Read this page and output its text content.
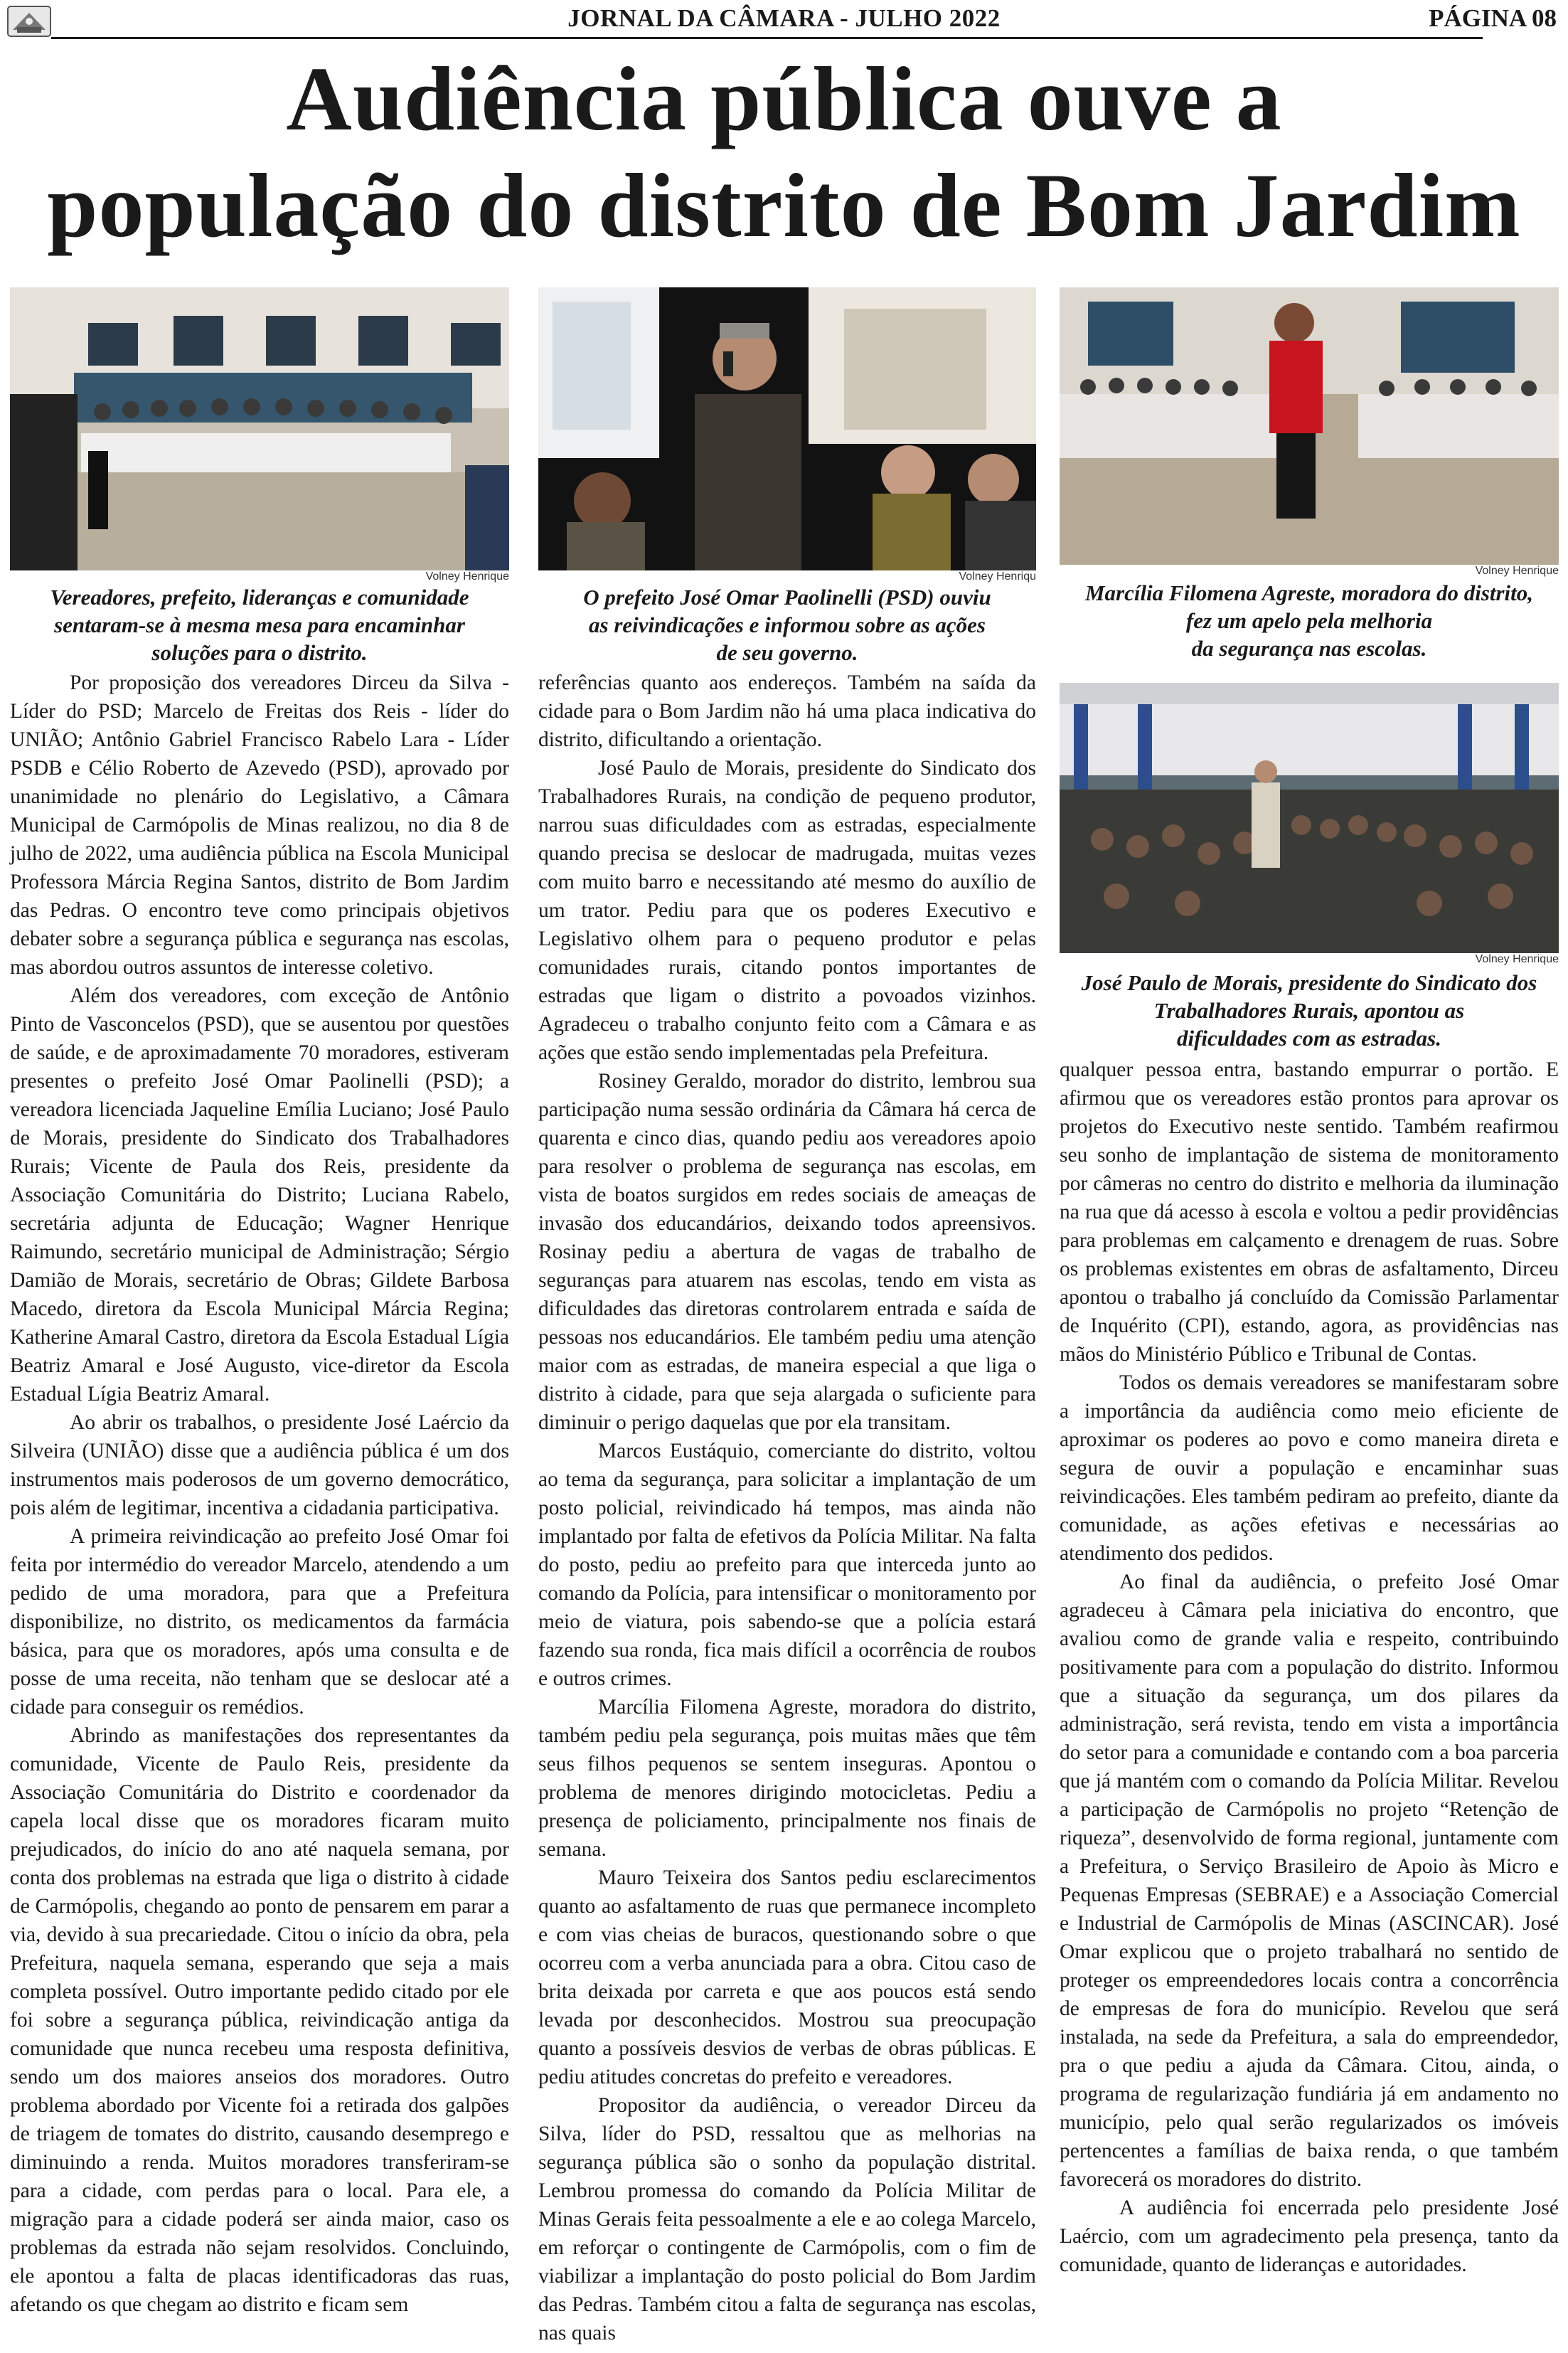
JORNAL DA CÂMARA - JULHO 2022	PÁGINA 08
Audiência pública ouve a
população do distrito de Bom Jardim
Volney Henrique
Vereadores, prefeito, lideranças e comunidade
sentaram-se à mesma mesa para encaminhar
soluções para o distrito.
Volney Henriqu
O prefeito José Omar Paolinelli (PSD) ouviu
as reivindicações e informou sobre as ações
de seu governo.
Volney Henrique
Marcília Filomena Agreste, moradora do distrito,
fez um apelo pela melhoria
da segurança nas escolas.
Volney Henrique
José Paulo de Morais, presidente do Sindicato dos
Trabalhadores Rurais, apontou as
dificuldades com as estradas.

Por proposição dos vereadores Dirceu da Silva - Líder do PSD; Marcelo de Freitas dos Reis - líder do UNIÃO; Antônio Gabriel Francisco Rabelo Lara - Líder PSDB e Célio Roberto de Azevedo (PSD), aprovado por unanimidade no plenário do Legislativo, a Câmara Municipal de Carmópolis de Minas realizou, no dia 8 de julho de 2022, uma audiência pública na Escola Municipal Professora Márcia Regina Santos, distrito de Bom Jardim das Pedras. O encontro teve como principais objetivos debater sobre a segurança pública e segurança nas escolas, mas abordou outros assuntos de interesse coletivo.

Além dos vereadores, com exceção de Antônio Pinto de Vasconcelos (PSD), que se ausentou por questões de saúde, e de aproximadamente 70 moradores, estiveram presentes o prefeito José Omar Paolinelli (PSD); a vereadora licenciada Jaqueline Emília Luciano; José Paulo de Morais, presidente do Sindicato dos Trabalhadores Rurais; Vicente de Paula dos Reis, presidente da Associação Comunitária do Distrito; Luciana Rabelo, secretária adjunta de Educação; Wagner Henrique Raimundo, secretário municipal de Administração; Sérgio Damião de Morais, secretário de Obras; Gildete Barbosa Macedo, diretora da Escola Municipal Márcia Regina; Katherine Amaral Castro, diretora da Escola Estadual Lígia Beatriz Amaral e José Augusto, vice-diretor da Escola Estadual Lígia Beatriz Amaral.

Ao abrir os trabalhos, o presidente José Laércio da Silveira (UNIÃO) disse que a audiência pública é um dos instrumentos mais poderosos de um governo democrático, pois além de legitimar, incentiva a cidadania participativa.

A primeira reivindicação ao prefeito José Omar foi feita por intermédio do vereador Marcelo, atendendo a um pedido de uma moradora, para que a Prefeitura disponibilize, no distrito, os medicamentos da farmácia básica, para que os moradores, após uma consulta e de posse de uma receita, não tenham que se deslocar até a cidade para conseguir os remédios.

Abrindo as manifestações dos representantes da comunidade, Vicente de Paulo Reis, presidente da Associação Comunitária do Distrito e coordenador da capela local disse que os moradores ficaram muito prejudicados, do início do ano até naquela semana, por conta dos problemas na estrada que liga o distrito à cidade de Carmópolis, chegando ao ponto de pensarem em parar a via, devido à sua precariedade. Citou o início da obra, pela Prefeitura, naquela semana, esperando que seja a mais completa possível. Outro importante pedido citado por ele foi sobre a segurança pública, reivindicação antiga da comunidade que nunca recebeu uma resposta definitiva, sendo um dos maiores anseios dos moradores. Outro problema abordado por Vicente foi a retirada dos galpões de triagem de tomates do distrito, causando desemprego e diminuindo a renda. Muitos moradores transferiram-se para a cidade, com perdas para o local. Para ele, a migração para a cidade poderá ser ainda maior, caso os problemas da estrada não sejam resolvidos. Concluindo, ele apontou a falta de placas identificadoras das ruas, afetando os que chegam ao distrito e ficam sem

referências quanto aos endereços. Também na saída da cidade para o Bom Jardim não há uma placa indicativa do distrito, dificultando a orientação.

José Paulo de Morais, presidente do Sindicato dos Trabalhadores Rurais, na condição de pequeno produtor, narrou suas dificuldades com as estradas, especialmente quando precisa se deslocar de madrugada, muitas vezes com muito barro e necessitando até mesmo do auxílio de um trator. Pediu para que os poderes Executivo e Legislativo olhem para o pequeno produtor e pelas comunidades rurais, citando pontos importantes de estradas que ligam o distrito a povoados vizinhos. Agradeceu o trabalho conjunto feito com a Câmara e as ações que estão sendo implementadas pela Prefeitura.

Rosiney Geraldo, morador do distrito, lembrou sua participação numa sessão ordinária da Câmara há cerca de quarenta e cinco dias, quando pediu aos vereadores apoio para resolver o problema de segurança nas escolas, em vista de boatos surgidos em redes sociais de ameaças de invasão dos educandários, deixando todos apreensivos. Rosinay pediu a abertura de vagas de trabalho de seguranças para atuarem nas escolas, tendo em vista as dificuldades das diretoras controlarem entrada e saída de pessoas nos educandários. Ele também pediu uma atenção maior com as estradas, de maneira especial a que liga o distrito à cidade, para que seja alargada o suficiente para diminuir o perigo daquelas que por ela transitam.

Marcos Eustáquio, comerciante do distrito, voltou ao tema da segurança, para solicitar a implantação de um posto policial, reivindicado há tempos, mas ainda não implantado por falta de efetivos da Polícia Militar. Na falta do posto, pediu ao prefeito para que interceda junto ao comando da Polícia, para intensificar o monitoramento por meio de viatura, pois sabendo-se que a polícia estará fazendo sua ronda, fica mais difícil a ocorrência de roubos e outros crimes.

Marcília Filomena Agreste, moradora do distrito, também pediu pela segurança, pois muitas mães que têm seus filhos pequenos se sentem inseguras. Apontou o problema de menores dirigindo motocicletas. Pediu a presença de policiamento, principalmente nos finais de semana.

Mauro Teixeira dos Santos pediu esclarecimentos quanto ao asfaltamento de ruas que permanece incompleto e com vias cheias de buracos, questionando sobre o que ocorreu com a verba anunciada para a obra. Citou caso de brita deixada por carreta e que aos poucos está sendo levada por desconhecidos. Mostrou sua preocupação quanto a possíveis desvios de verbas de obras públicas. E pediu atitudes concretas do prefeito e vereadores.

Propositor da audiência, o vereador Dirceu da Silva, líder do PSD, ressaltou que as melhorias na segurança pública são o sonho da população distrital. Lembrou promessa do comando da Polícia Militar de Minas Gerais feita pessoalmente a ele e ao colega Marcelo, em reforçar o contingente de Carmópolis, com o fim de viabilizar a implantação do posto policial do Bom Jardim das Pedras. Também citou a falta de segurança nas escolas, nas quais

qualquer pessoa entra, bastando empurrar o portão. E afirmou que os vereadores estão prontos para aprovar os projetos do Executivo neste sentido. Também reafirmou seu sonho de implantação de sistema de monitoramento por câmeras no centro do distrito e melhoria da iluminação na rua que dá acesso à escola e voltou a pedir providências para problemas em calçamento e drenagem de ruas. Sobre os problemas existentes em obras de asfaltamento, Dirceu apontou o trabalho já concluído da Comissão Parlamentar de Inquérito (CPI), estando, agora, as providências nas mãos do Ministério Público e Tribunal de Contas.

Todos os demais vereadores se manifestaram sobre a importância da audiência como meio eficiente de aproximar os poderes ao povo e como maneira direta e segura de ouvir a população e encaminhar suas reivindicações. Eles também pediram ao prefeito, diante da comunidade, as ações efetivas e necessárias ao atendimento dos pedidos.

Ao final da audiência, o prefeito José Omar agradeceu à Câmara pela iniciativa do encontro, que avaliou como de grande valia e respeito, contribuindo positivamente para com a população do distrito. Informou que a situação da segurança, um dos pilares da administração, será revista, tendo em vista a importância do setor para a comunidade e contando com a boa parceria que já mantém com o comando da Polícia Militar. Revelou a participação de Carmópolis no projeto “Retenção de riqueza”, desenvolvido de forma regional, juntamente com a Prefeitura, o Serviço Brasileiro de Apoio às Micro e Pequenas Empresas (SEBRAE) e a Associação Comercial e Industrial de Carmópolis de Minas (ASCINCAR). José Omar explicou que o projeto trabalhará no sentido de proteger os empreendedores locais contra a concorrência de empresas de fora do município. Revelou que será instalada, na sede da Prefeitura, a sala do empreendedor, pra o que pediu a ajuda da Câmara. Citou, ainda, o programa de regularização fundiária já em andamento no município, pelo qual serão regularizados os imóveis pertencentes a famílias de baixa renda, o que também favorecerá os moradores do distrito.

A audiência foi encerrada pelo presidente José Laércio, com um agradecimento pela presença, tanto da comunidade, quanto de lideranças e autoridades.
